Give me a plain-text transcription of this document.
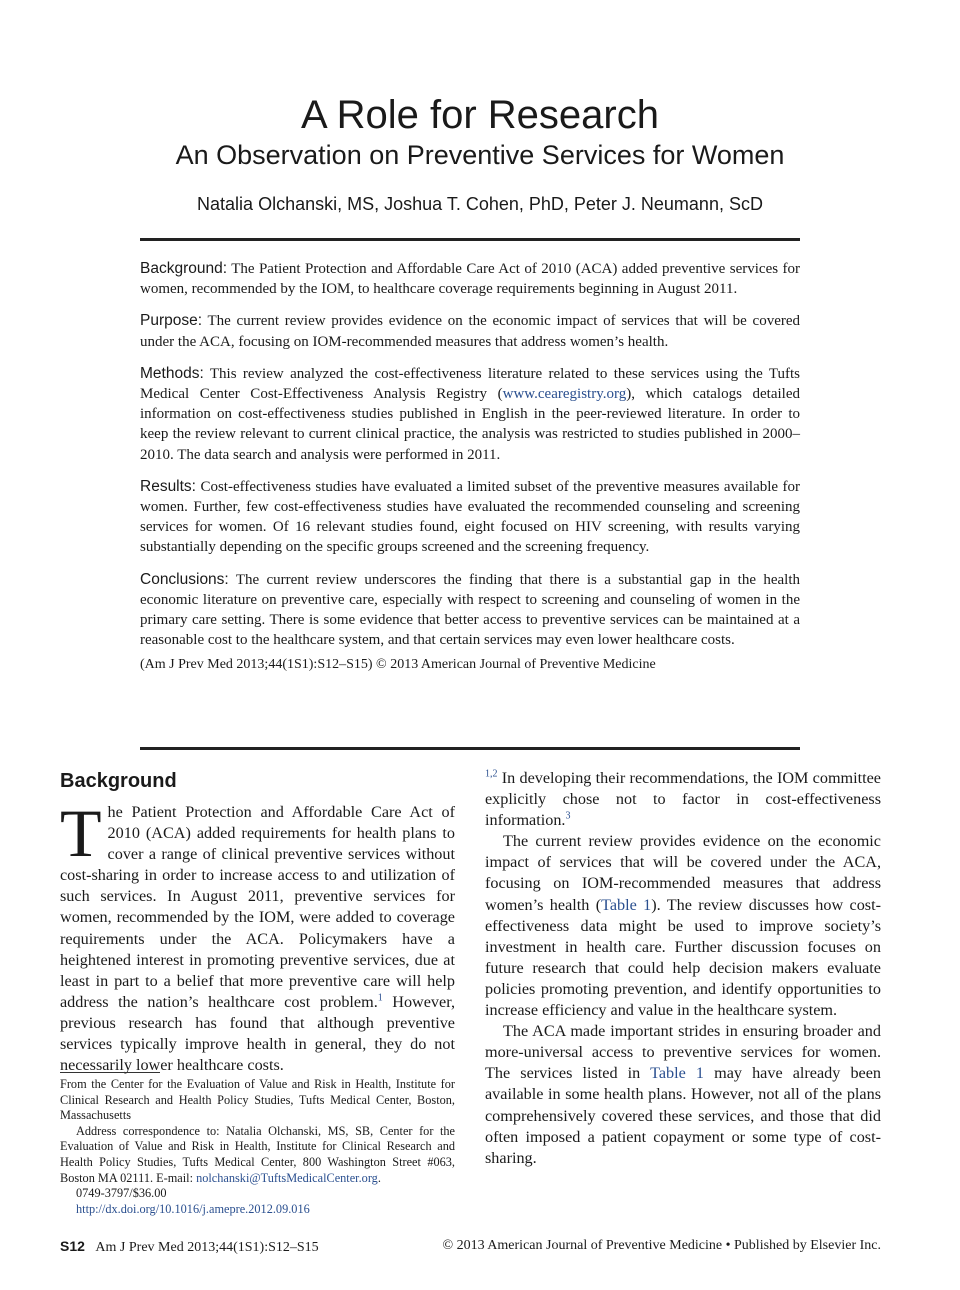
A Role for Research
An Observation on Preventive Services for Women
Natalia Olchanski, MS, Joshua T. Cohen, PhD, Peter J. Neumann, ScD

Background: The Patient Protection and Affordable Care Act of 2010 (ACA) added preventive services for women, recommended by the IOM, to healthcare coverage requirements beginning in August 2011.

Purpose: The current review provides evidence on the economic impact of services that will be covered under the ACA, focusing on IOM-recommended measures that address women’s health.

Methods: This review analyzed the cost-effectiveness literature related to these services using the Tufts Medical Center Cost-Effectiveness Analysis Registry (www.cearegistry.org), which catalogs detailed information on cost-effectiveness studies published in English in the peer-reviewed literature. In order to keep the review relevant to current clinical practice, the analysis was restricted to studies published in 2000–2010. The data search and analysis were performed in 2011.

Results: Cost-effectiveness studies have evaluated a limited subset of the preventive measures available for women. Further, few cost-effectiveness studies have evaluated the recommended counseling and screening services for women. Of 16 relevant studies found, eight focused on HIV screening, with results varying substantially depending on the specific groups screened and the screening frequency.

Conclusions: The current review underscores the finding that there is a substantial gap in the health economic literature on preventive care, especially with respect to screening and counseling of women in the primary care setting. There is some evidence that better access to preventive services can be maintained at a reasonable cost to the healthcare system, and that certain services may even lower healthcare costs.

(Am J Prev Med 2013;44(1S1):S12–S15) © 2013 American Journal of Preventive Medicine
Background

The Patient Protection and Affordable Care Act of 2010 (ACA) added requirements for health plans to cover a range of clinical preventive services without cost-sharing in order to increase access to and utilization of such services. In August 2011, preventive services for women, recommended by the IOM, were added to coverage requirements under the ACA. Policymakers have a heightened interest in promoting preventive services, due at least in part to a belief that more preventive care will help address the nation’s healthcare cost problem.$^1$ However, previous research has found that although preventive services typically improve health in general, they do not necessarily lower healthcare costs.

From the Center for the Evaluation of Value and Risk in Health, Institute for Clinical Research and Health Policy Studies, Tufts Medical Center, Boston, Massachusetts

Address correspondence to: Natalia Olchanski, MS, SB, Center for the Evaluation of Value and Risk in Health, Institute for Clinical Research and Health Policy Studies, Tufts Medical Center, 800 Washington Street #063, Boston MA 02111. E-mail: nolchanski@TuftsMedicalCenter.org.

0749-3797/$36.00

http://dx.doi.org/10.1016/j.amepre.2012.09.016

$^{1,2}$ In developing their recommendations, the IOM committee explicitly chose not to factor in cost-effectiveness information.$^3$

The current review provides evidence on the economic impact of services that will be covered under the ACA, focusing on IOM-recommended measures that address women’s health (Table 1). The review discusses how cost-effectiveness data might be used to improve society’s investment in health care. Further discussion focuses on future research that could help decision makers evaluate policies promoting prevention, and identify opportunities to increase efficiency and value in the healthcare system.

The ACA made important strides in ensuring broader and more-universal access to preventive services for women. The services listed in Table 1 may have already been available in some health plans. However, not all of the plans comprehensively covered these services, and those that did often imposed a patient copayment or some type of cost-sharing.

S12 Am J Prev Med 2013;44(1S1):S12–S15	© 2013 American Journal of Preventive Medicine • Published by Elsevier Inc.
